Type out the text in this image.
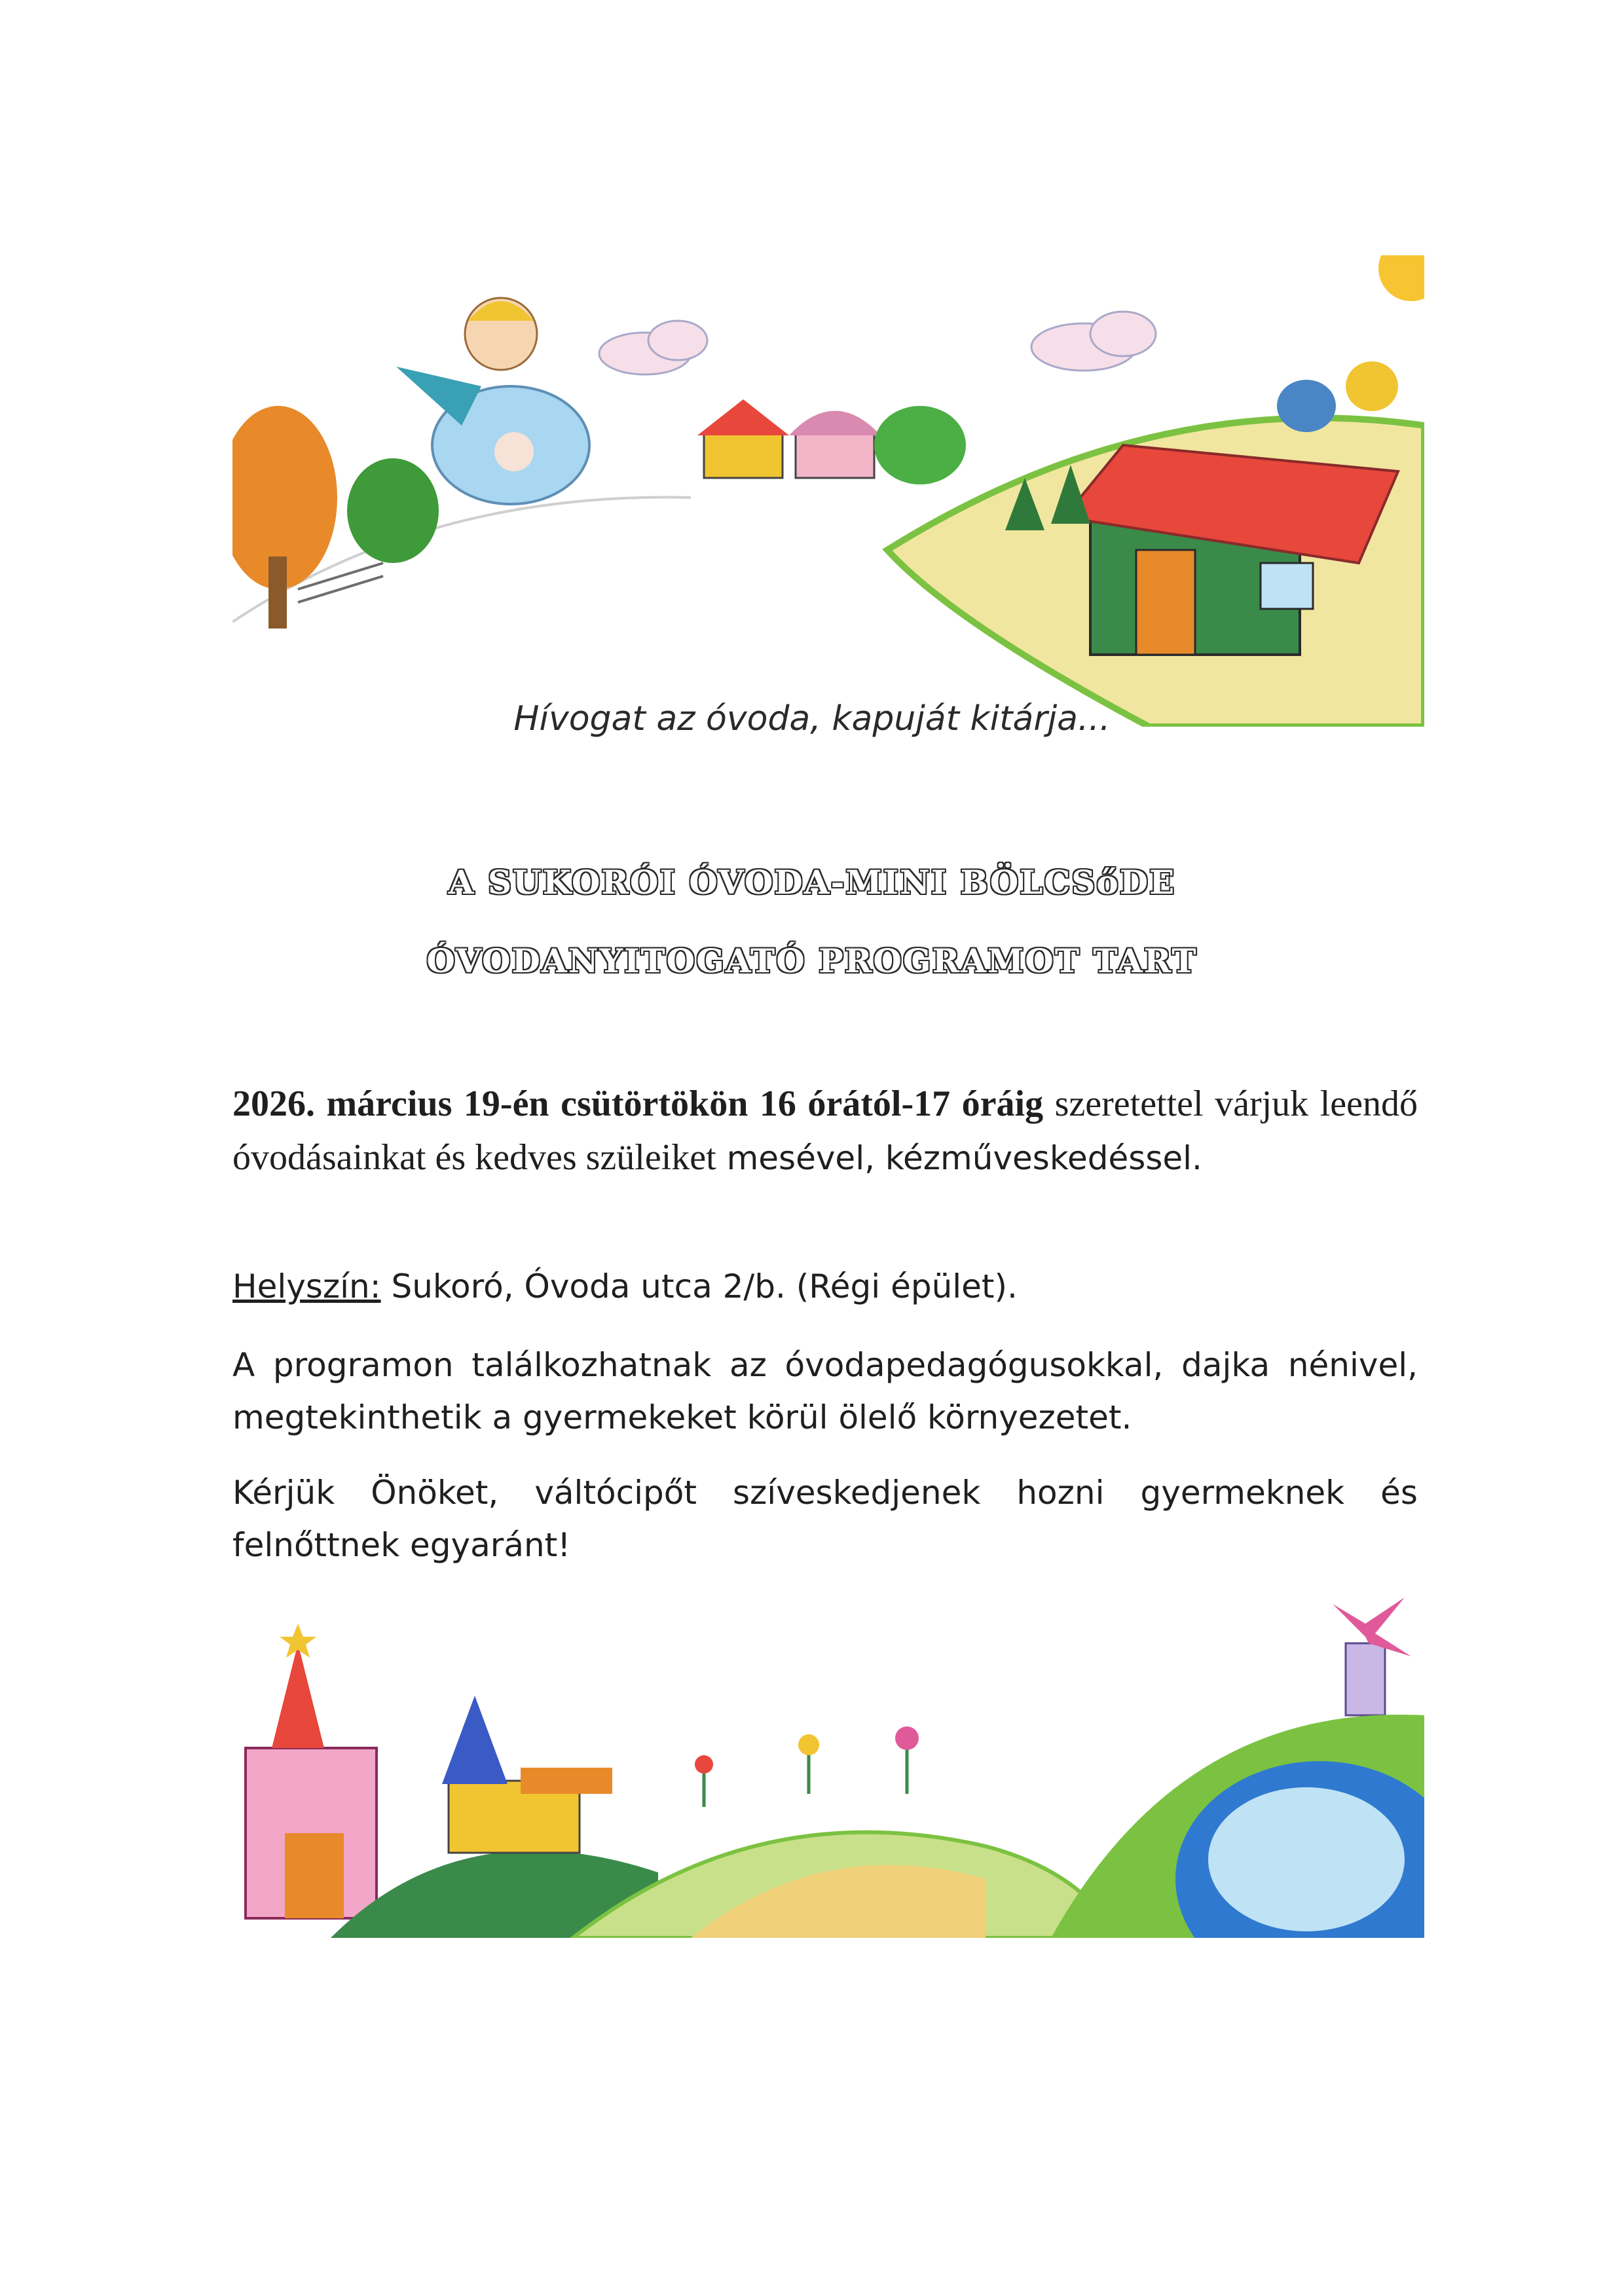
Hívogat az óvoda, kapuját kitárja...
A SUKORÓI ÓVODA-MINI BÖLCSőDE
ÓVODANYITOGATÓ PROGRAMOT TART
2026. március 19-én csütörtökön 16 órától-17 óráig szeretettel várjuk leendő óvodásainkat és kedves szüleiket mesével, kézműveskedéssel.
Helyszín: Sukoró, Óvoda utca 2/b. (Régi épület).
A programon találkozhatnak az óvodapedagógusokkal, dajka nénivel, megtekinthetik a gyermekeket körül ölelő környezetet.
Kérjük Önöket, váltócipőt szíveskedjenek hozni gyermeknek és felnőttnek egyaránt!
